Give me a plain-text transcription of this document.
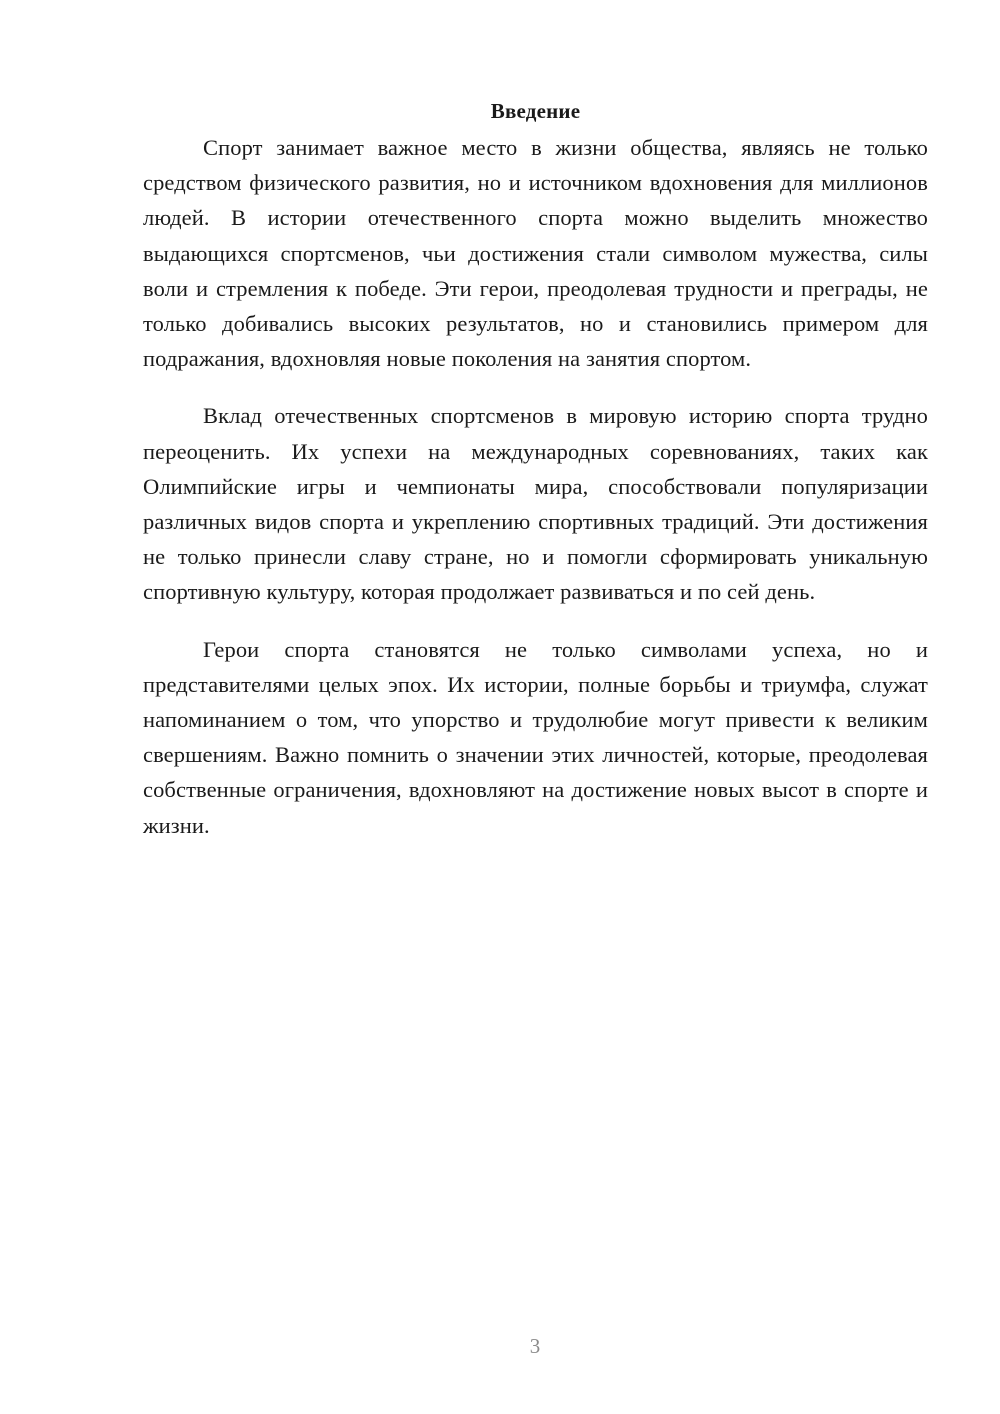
Введение

Спорт занимает важное место в жизни общества, являясь не только средством физического развития, но и источником вдохновения для миллионов людей. В истории отечественного спорта можно выделить множество выдающихся спортсменов, чьи достижения стали символом мужества, силы воли и стремления к победе. Эти герои, преодолевая трудности и преграды, не только добивались высоких результатов, но и становились примером для подражания, вдохновляя новые поколения на занятия спортом.

Вклад отечественных спортсменов в мировую историю спорта трудно переоценить. Их успехи на международных соревнованиях, таких как Олимпийские игры и чемпионаты мира, способствовали популяризации различных видов спорта и укреплению спортивных традиций. Эти достижения не только принесли славу стране, но и помогли сформировать уникальную спортивную культуру, которая продолжает развиваться и по сей день.

Герои спорта становятся не только символами успеха, но и представителями целых эпох. Их истории, полные борьбы и триумфа, служат напоминанием о том, что упорство и трудолюбие могут привести к великим свершениям. Важно помнить о значении этих личностей, которые, преодолевая собственные ограничения, вдохновляют на достижение новых высот в спорте и жизни.

3
